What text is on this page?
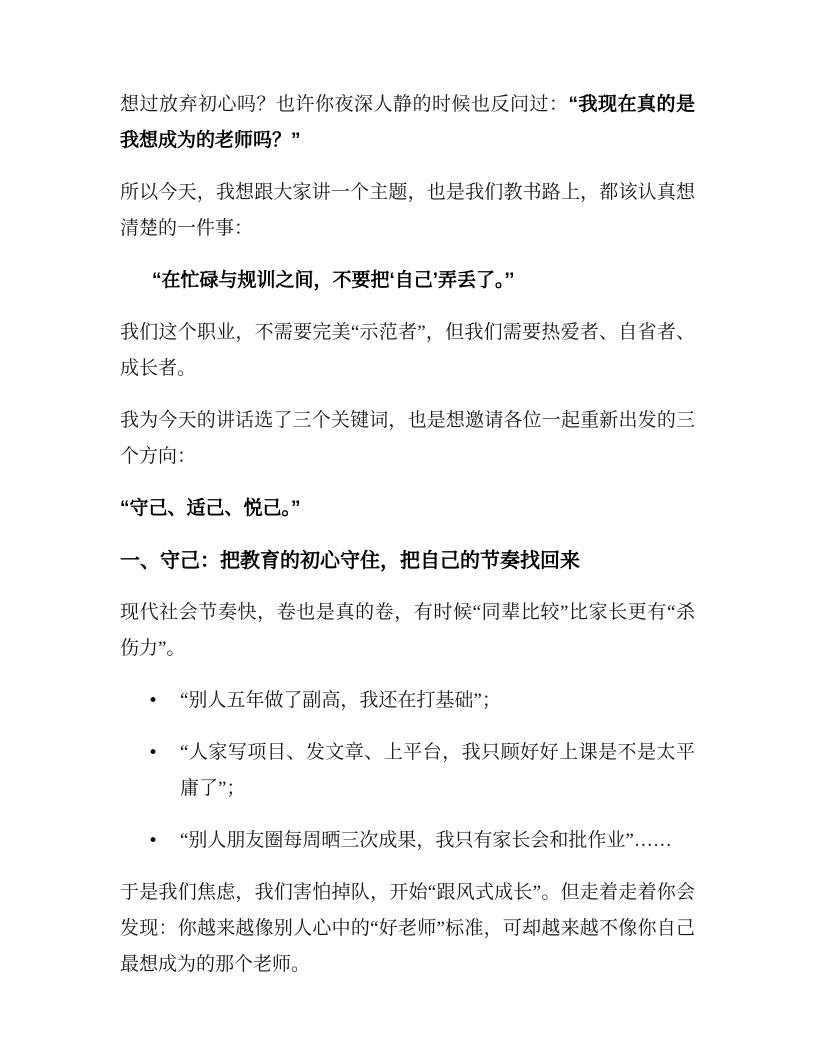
想过放弃初心吗？也许你夜深人静的时候也反问过：“我现在真的是我想成为的老师吗？”

所以今天，我想跟大家讲一个主题，也是我们教书路上，都该认真想清楚的一件事：

“在忙碌与规训之间，不要把‘自己’弄丢了。’’

我们这个职业，不需要完美“示范者”，但我们需要热爱者、自省者、成长者。

我为今天的讲话选了三个关键词，也是想邀请各位一起重新出发的三个方向：

“守己、适己、悦己。”

一、守己：把教育的初心守住，把自己的节奏找回来

现代社会节奏快，卷也是真的卷，有时候“同辈比较”比家长更有“杀伤力”。

• “别人五年做了副高，我还在打基础”；
• “人家写项目、发文章、上平台，我只顾好好上课是不是太平庸了”；
• “别人朋友圈每周晒三次成果，我只有家长会和批作业”……

于是我们焦虑，我们害怕掉队，开始“跟风式成长”。但走着走着你会发现：你越来越像别人心中的“好老师”标准，可却越来越不像你自己最想成为的那个老师。
